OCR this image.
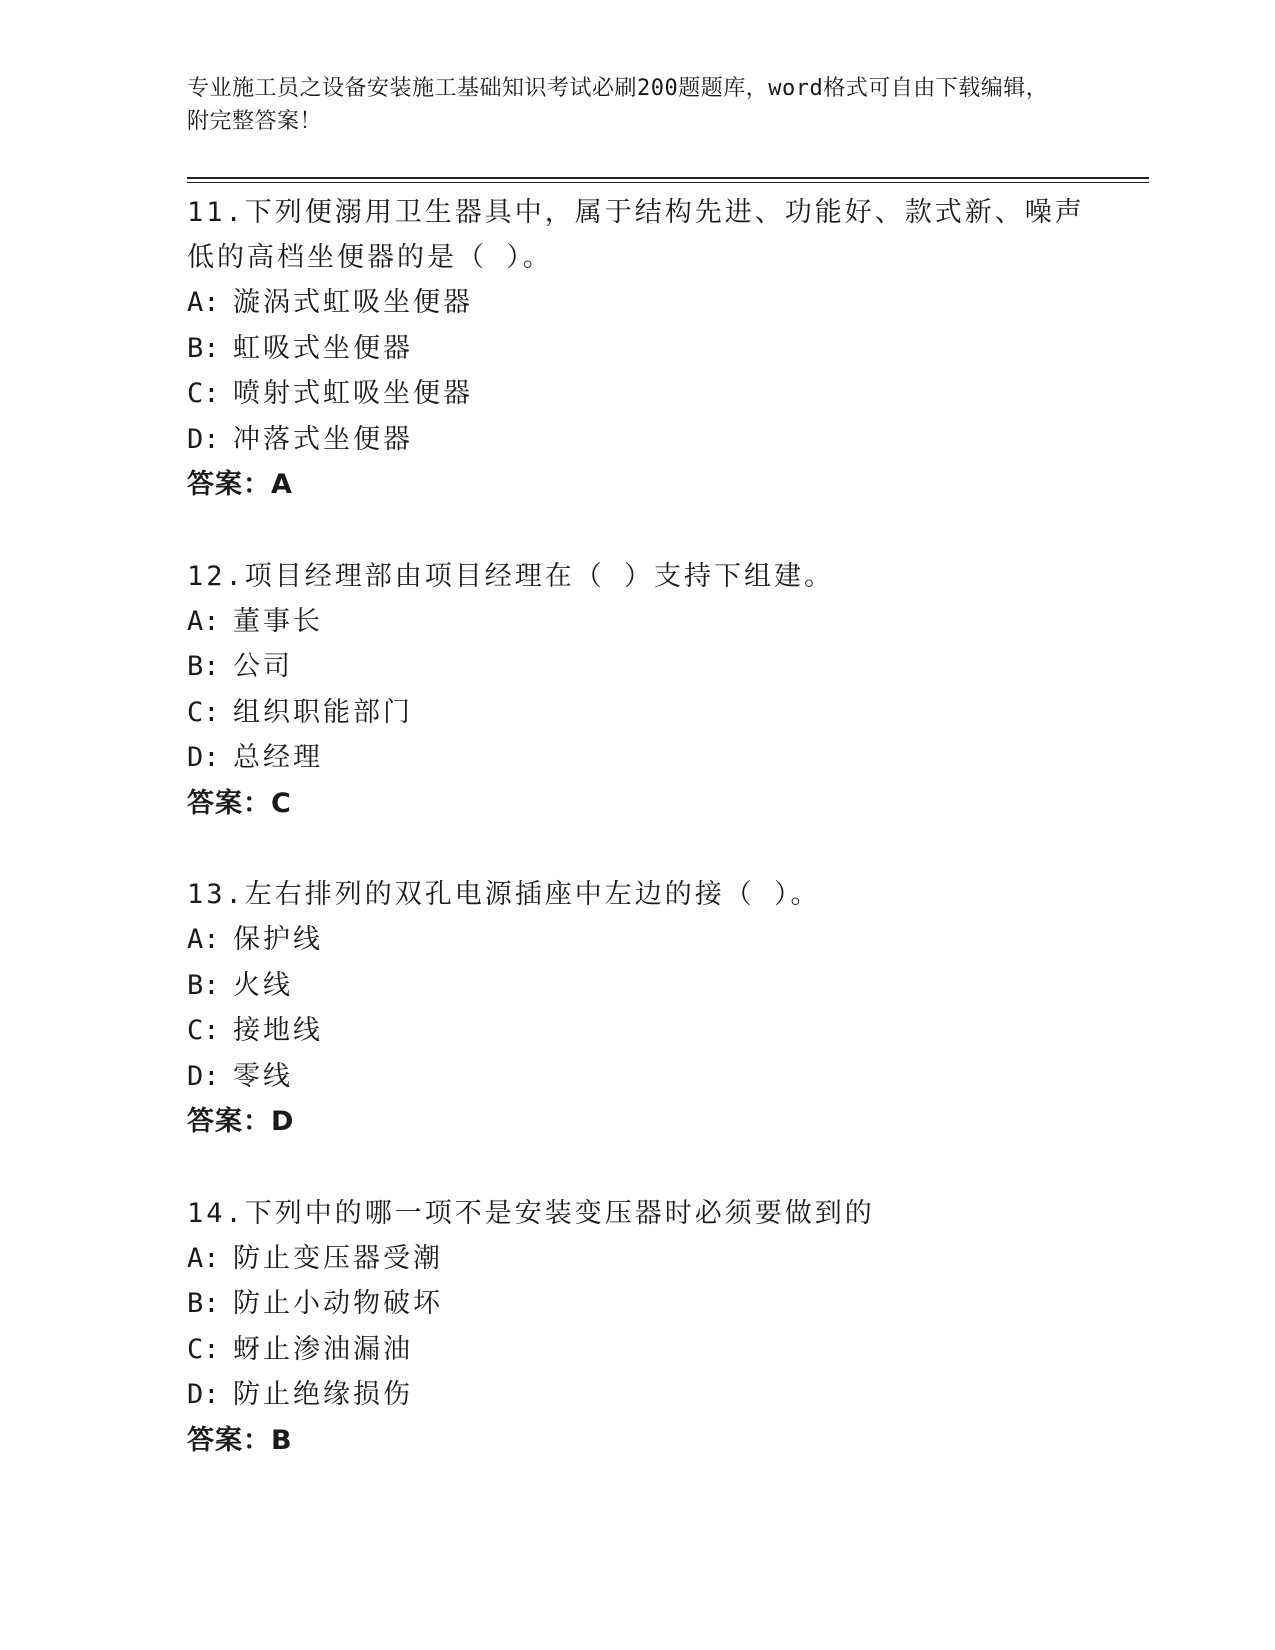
专业施工员之设备安装施工基础知识考试必刷200题题库，word格式可自由下载编辑，附完整答案！

11.下列便溺用卫生器具中，属于结构先进、功能好、款式新、噪声低的高档坐便器的是（ ）。

A: 漩涡式虹吸坐便器
B: 虹吸式坐便器
C: 喷射式虹吸坐便器
D: 冲落式坐便器
答案：A

12.项目经理部由项目经理在（ ）支持下组建。

A: 董事长
B: 公司
C: 组织职能部门
D: 总经理
答案：C

13.左右排列的双孔电源插座中左边的接（ ）。

A: 保护线
B: 火线
C: 接地线
D: 零线
答案：D

14.下列中的哪一项不是安装变压器时必须要做到的

A: 防止变压器受潮
B: 防止小动物破坏
C: 蚜止渗油漏油
D: 防止绝缘损伤
答案：B
